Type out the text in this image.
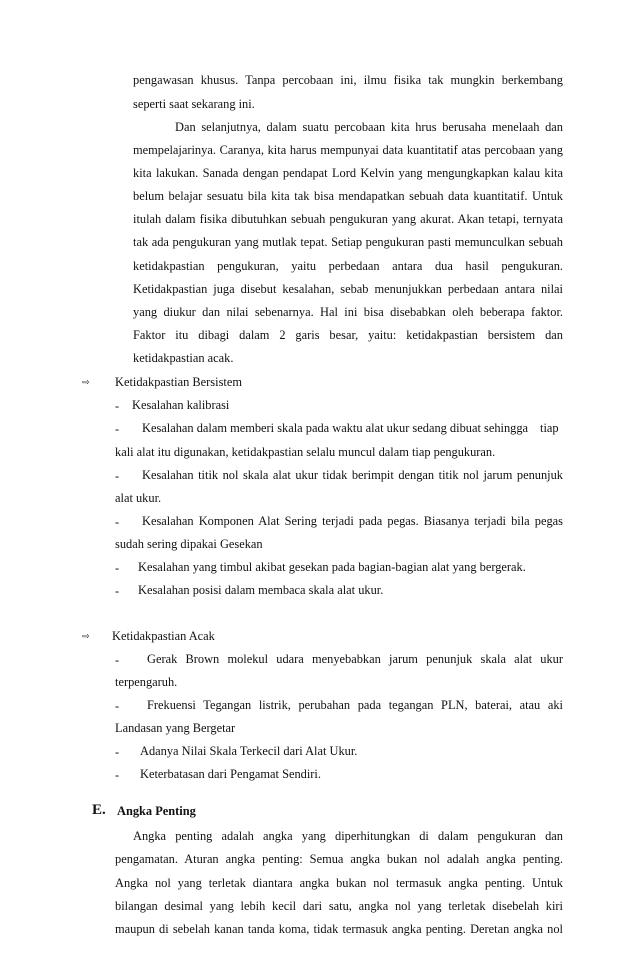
pengawasan khusus. Tanpa percobaan ini, ilmu fisika tak mungkin berkembang
seperti saat sekarang ini.
Dan selanjutnya, dalam suatu percobaan kita hrus berusaha menelaah dan
mempelajarinya. Caranya, kita harus mempunyai data kuantitatif atas percobaan yang
kita lakukan. Sanada dengan pendapat Lord Kelvin yang mengungkapkan kalau kita
belum belajar sesuatu bila kita tak bisa mendapatkan sebuah data kuantitatif. Untuk
itulah dalam fisika dibutuhkan sebuah pengukuran yang akurat. Akan tetapi, ternyata
tak ada pengukuran yang mutlak tepat. Setiap pengukuran pasti memunculkan sebuah
ketidakpastian pengukuran, yaitu perbedaan antara dua hasil pengukuran.
Ketidakpastian juga disebut kesalahan, sebab menunjukkan perbedaan antara nilai
yang diukur dan nilai sebenarnya. Hal ini bisa disebabkan oleh beberapa faktor.
Faktor itu dibagi dalam 2 garis besar, yaitu: ketidakpastian bersistem dan
ketidakpastian acak.
⇨ Ketidakpastian Bersistem
- Kesalahan kalibrasi
- Kesalahan dalam memberi skala pada waktu alat ukur sedang dibuat sehingga tiap
kali alat itu digunakan, ketidakpastian selalu muncul dalam tiap pengukuran.
- Kesalahan titik nol skala alat ukur tidak berimpit dengan titik nol jarum penunjuk
alat ukur.
- Kesalahan Komponen Alat Sering terjadi pada pegas. Biasanya terjadi bila pegas
sudah sering dipakai Gesekan
- Kesalahan yang timbul akibat gesekan pada bagian-bagian alat yang bergerak.
- Kesalahan posisi dalam membaca skala alat ukur.
⇨ Ketidakpastian Acak
- Gerak Brown molekul udara menyebabkan jarum penunjuk skala alat ukur
terpengaruh.
- Frekuensi Tegangan listrik, perubahan pada tegangan PLN, baterai, atau aki
Landasan yang Bergetar
- Adanya Nilai Skala Terkecil dari Alat Ukur.
- Keterbatasan dari Pengamat Sendiri.
E. Angka Penting
Angka penting adalah angka yang diperhitungkan di dalam pengukuran dan
pengamatan. Aturan angka penting: Semua angka bukan nol adalah angka penting.
Angka nol yang terletak diantara angka bukan nol termasuk angka penting. Untuk
bilangan desimal yang lebih kecil dari satu, angka nol yang terletak disebelah kiri
maupun di sebelah kanan tanda koma, tidak termasuk angka penting. Deretan angka nol
